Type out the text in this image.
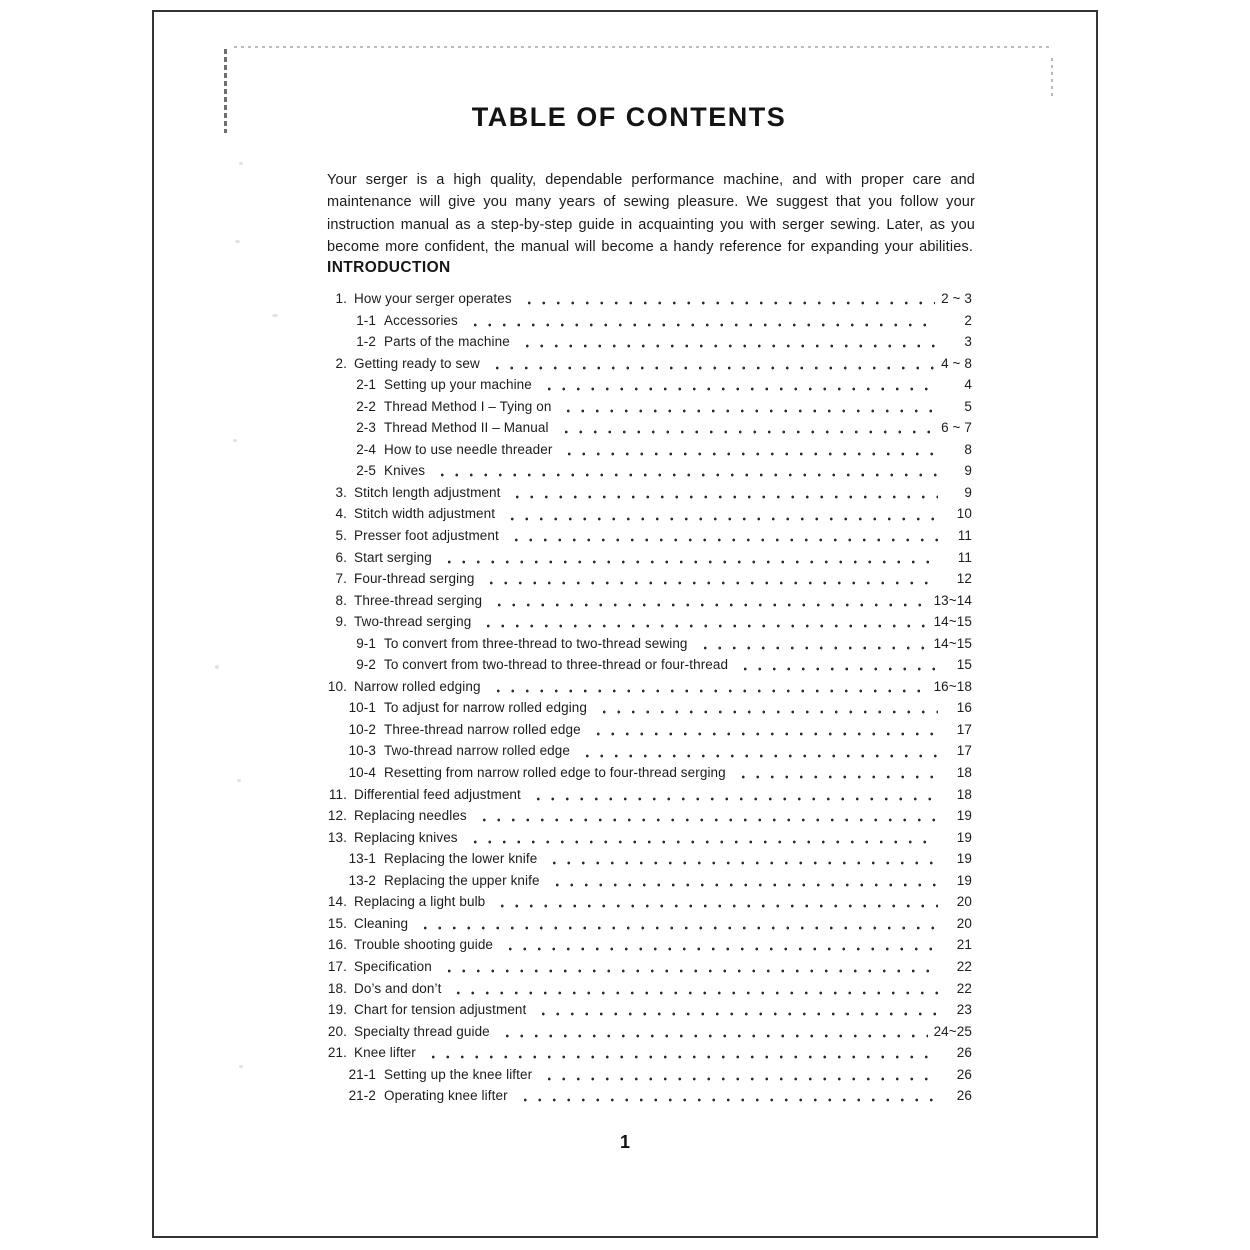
TABLE OF CONTENTS

Your serger is a high quality, dependable performance machine, and with proper care and maintenance will give you many years of sewing pleasure. We suggest that you follow your instruction manual as a step-by-step guide in acquainting you with serger sewing. Later, as you become more confident, the manual will become a handy reference for expanding your abilities.

INTRODUCTION
1. How your serger operates	2 ~ 3
1-1 Accessories	2
1-2 Parts of the machine	3
2. Getting ready to sew	4 ~ 8
2-1 Setting up your machine	4
2-2 Thread Method I – Tying on	5
2-3 Thread Method II – Manual	6 ~ 7
2-4 How to use needle threader	8
2-5 Knives	9
3. Stitch length adjustment	9
4. Stitch width adjustment	10
5. Presser foot adjustment	11
6. Start serging	11
7. Four-thread serging	12
8. Three-thread serging	13~14
9. Two-thread serging	14~15
9-1 To convert from three-thread to two-thread sewing	14~15
9-2 To convert from two-thread to three-thread or four-thread	15
10. Narrow rolled edging	16~18
10-1 To adjust for narrow rolled edging	16
10-2 Three-thread narrow rolled edge	17
10-3 Two-thread narrow rolled edge	17
10-4 Resetting from narrow rolled edge to four-thread serging	18
11. Differential feed adjustment	18
12. Replacing needles	19
13. Replacing knives	19
13-1 Replacing the lower knife	19
13-2 Replacing the upper knife	19
14. Replacing a light bulb	20
15. Cleaning	20
16. Trouble shooting guide	21
17. Specification	22
18. Do’s and don’t	22
19. Chart for tension adjustment	23
20. Specialty thread guide	24~25
21. Knee lifter	26
21-1 Setting up the knee lifter	26
21-2 Operating knee lifter	26
1
